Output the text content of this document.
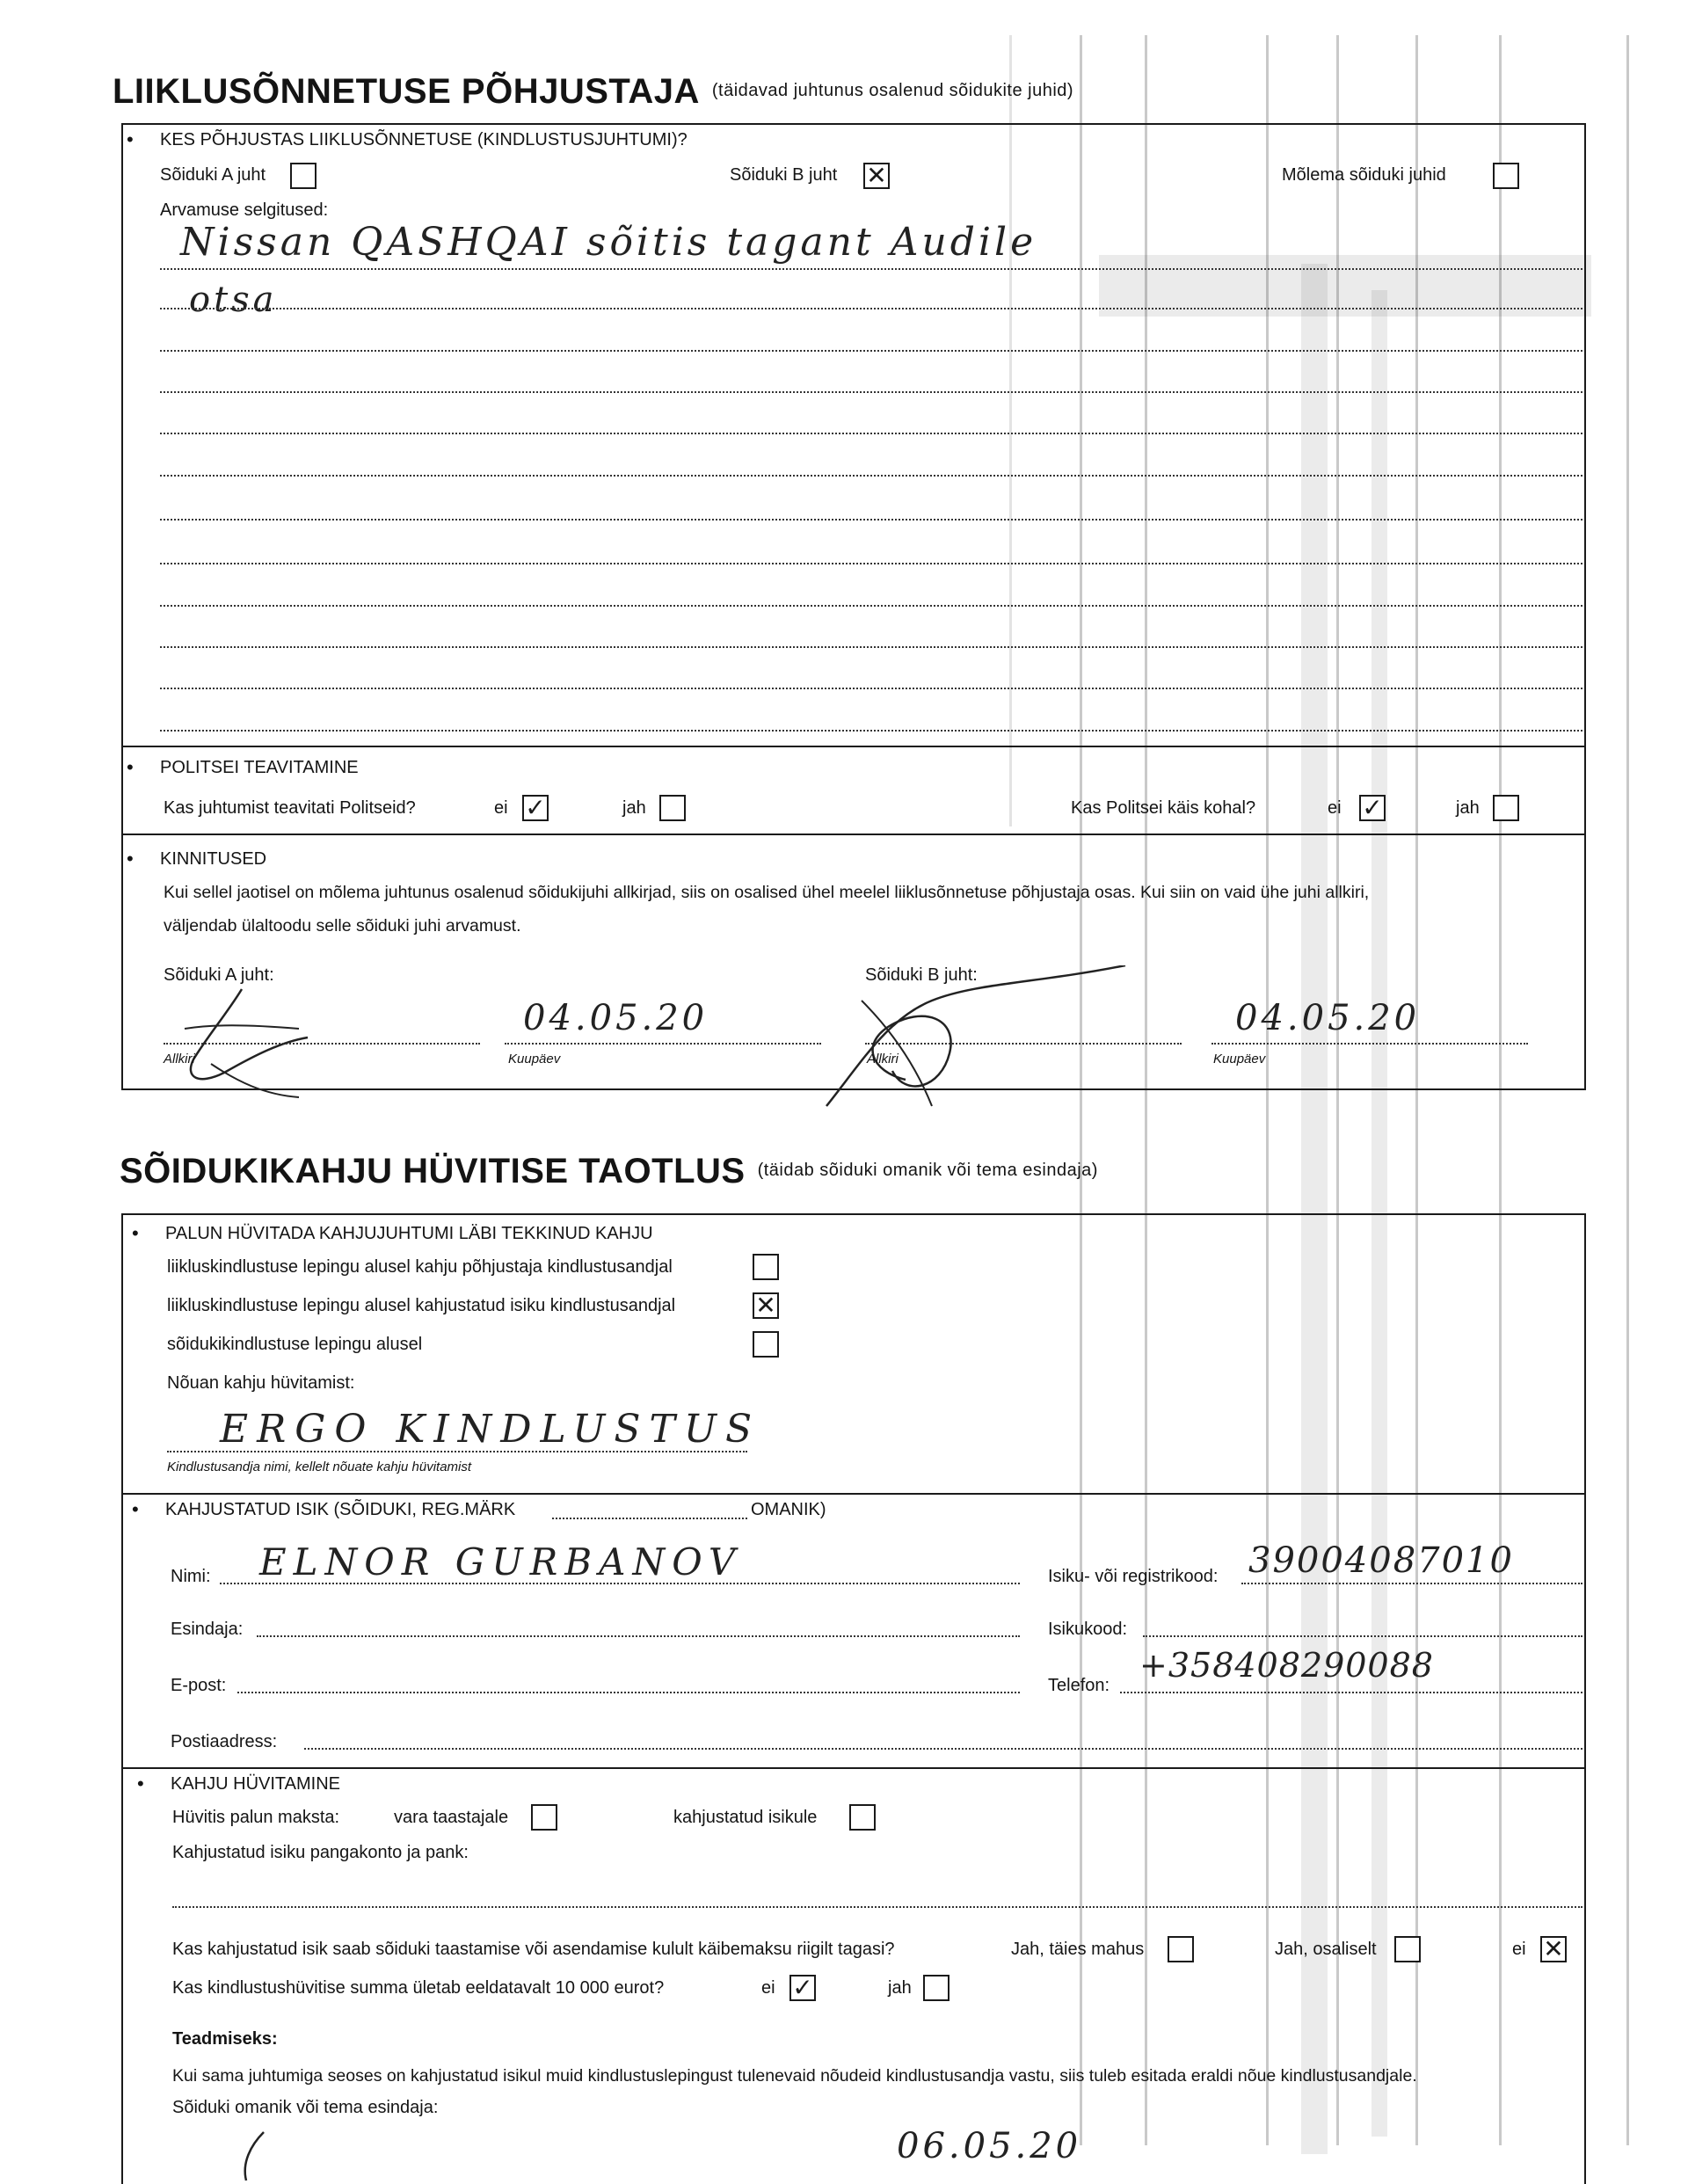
LIIKLUSÕNNETUSE PÕHJUSTAJA $^{(täidavad juhtunus osalenud sõidukite juhid)}$
• KES PÕHJUSTAS LIIKLUSÕNNETUSE (KINDLUSTUSJUHTUMI)?
Sõiduki A juht	Sõiduki B juht ✕	Mõlema sõiduki juhid
Arvamuse selgitused:
Nissan QASHQAI sõitis tagant Audile
otsa
• POLITSEI TEAVITAMINE
Kas juhtumist teavitati Politseid?	ei ✓	jah	Kas Politsei käis kohal?	ei ✓	jah
• KINNITUSED
Kui sellel jaotisel on mõlema juhtunus osalenud sõidukijuhi allkirjad, siis on osalised ühel meelel liiklusõnnetuse põhjustaja osas. Kui siin on vaid ühe juhi allkiri,
väljendab ülaltoodu selle sõiduki juhi arvamust.
Sõiduki A juht:	Sõiduki B juht:
Allkiri	Kuupäev
04.05.20
Allkiri	Kuupäev
04.05.20
SÕIDUKIKAHJU HÜVITISE TAOTLUS $^{(täidab sõiduki omanik või tema esindaja)}$
• PALUN HÜVITADA KAHJUJUHTUMI LÄBI TEKKINUD KAHJU
liikluskindlustuse lepingu alusel kahju põhjustaja kindlustusandjal
liikluskindlustuse lepingu alusel kahjustatud isiku kindlustusandjal
✕
sõidukikindlustuse lepingu alusel
Nõuan kahju hüvitamist:
ERGO KINDLUSTUS
Kindlustusandja nimi, kellelt nõuate kahju hüvitamist
• KAHJUSTATUD ISIK (SÕIDUKI, REG.MÄRK	OMANIK)
Nimi: ELNOR GURBANOV	Isiku- või registrikood: 39004087010
Esindaja:	Isikukood:
E-post:	Telefon:
+358408290088
Postiaadress:
• KAHJU HÜVITAMINE
Hüvitis palun maksta:	vara taastajale	kahjustatud isikule
Kahjustatud isiku pangakonto ja pank:
Kas kahjustatud isik saab sõiduki taastamise või asendamise kulult käibemaksu riigilt tagasi?	Jah, täies mahus	Jah, osaliselt	ei
✕
Kas kindlustushüvitise summa ületab eeldatavalt 10 000 eurot?	ei ✓	jah
Teadmiseks:
Kui sama juhtumiga seoses on kahjustatud isikul muid kindlustuslepingust tulenevaid nõudeid kindlustusandja vastu, siis tuleb esitada eraldi nõue kindlustusandjale.
Sõiduki omanik või tema esindaja:
06.05.20
